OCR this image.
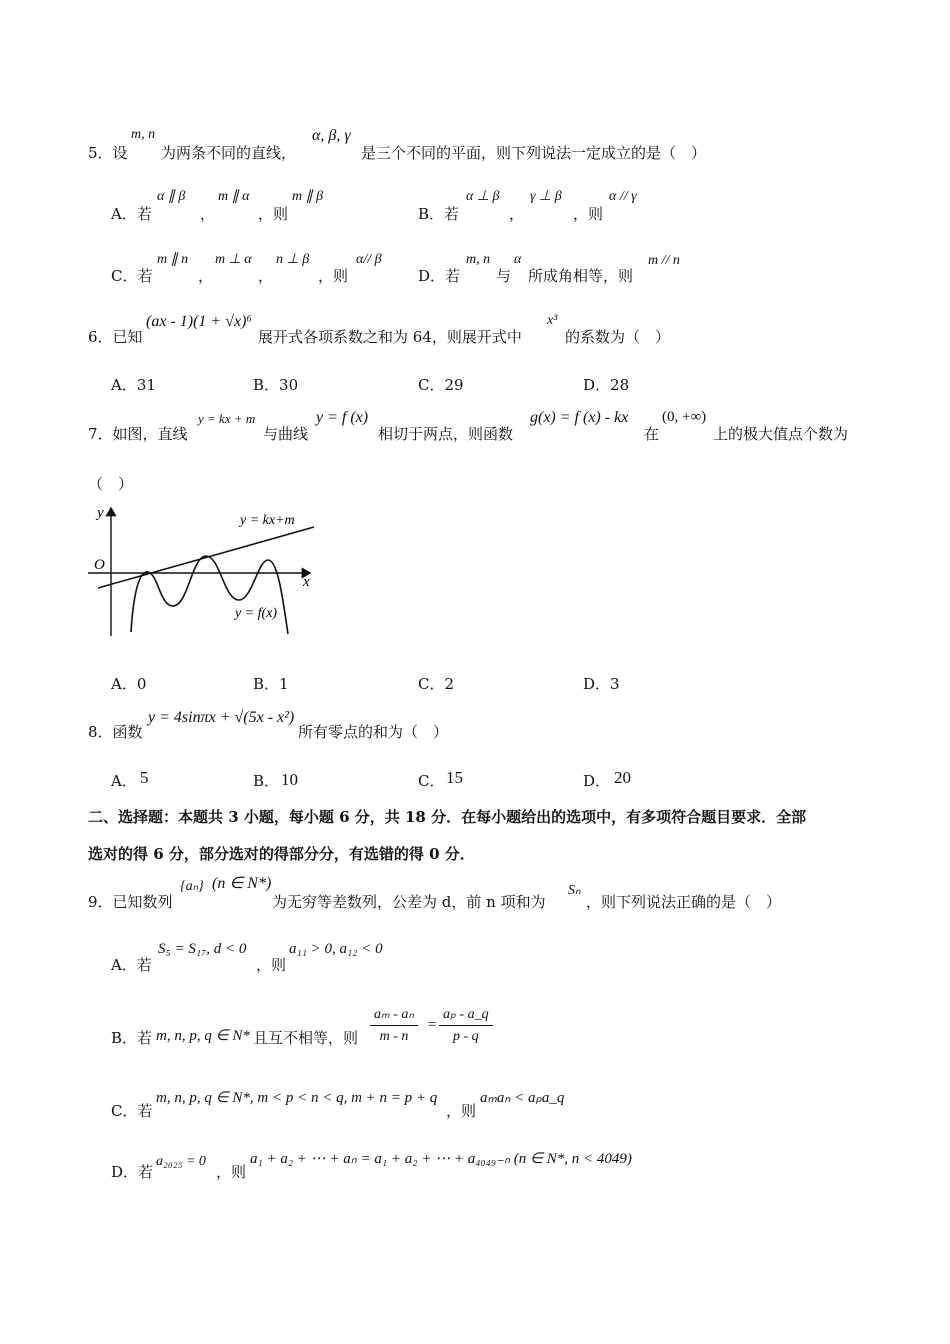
5．设
m, n
为两条不同的直线，
α, β, γ
是三个不同的平面，则下列说法一定成立的是（　）
A．若
α ∥ β
，
m ∥ α
，则
m ∥ β
B．若
α ⊥ β
，
γ ⊥ β
，则
α // γ
C．若
m ∥ n
，
m ⊥ α
，
n ⊥ β
，则
α// β
D．若
m, n
与
α
所成角相等，则
m // n
6．已知
(ax - 1)(1 + √x)⁶
展开式各项系数之和为 64，则展开式中
x³
的系数为（　）
A．31	B．30	C．29	D．28
7．如图，直线
y = kx + m
与曲线
y = f (x)
相切于两点，则函数
g(x) = f (x) - kx
在
(0, +∞)
上的极大值点个数为
（　）
y
x
O
y = kx+m
y = f(x)
A．0	B．1	C．2	D．3
8．函数
y = 4sinπx + √(5x - x²)
所有零点的和为（　）
A． 5	B． 10	C． 15	D． 20
二、选择题：本题共 3 小题，每小题 6 分，共 18 分．在每小题给出的选项中，有多项符合题目要求．全部
选对的得 6 分，部分选对的得部分分，有选错的得 0 分．
9．已知数列
{aₙ} (n ∈ N*)
为无穷等差数列，公差为 d，前 n 项和为
Sₙ
，则下列说法正确的是（　）
A．若
S₅ = S₁₇, d < 0
，则
a₁₁ > 0, a₁₂ < 0
B．若 m, n, p, q ∈ N* 且互不相等，则 $\frac{\text{aₘ - aₙ}}{m - n} = \frac{\text{aₚ - a\_q}}{p - q}$
C．若
m, n, p, q ∈ N*, m < p < n < q, m + n = p + q
，则
aₘaₙ < aₚa_q
D．若
a₂₀₂₅ = 0
，则
a₁ + a₂ + ⋯ + aₙ = a₁ + a₂ + ⋯ + a₄₀₄₉₋ₙ (n ∈ N*, n < 4049)
